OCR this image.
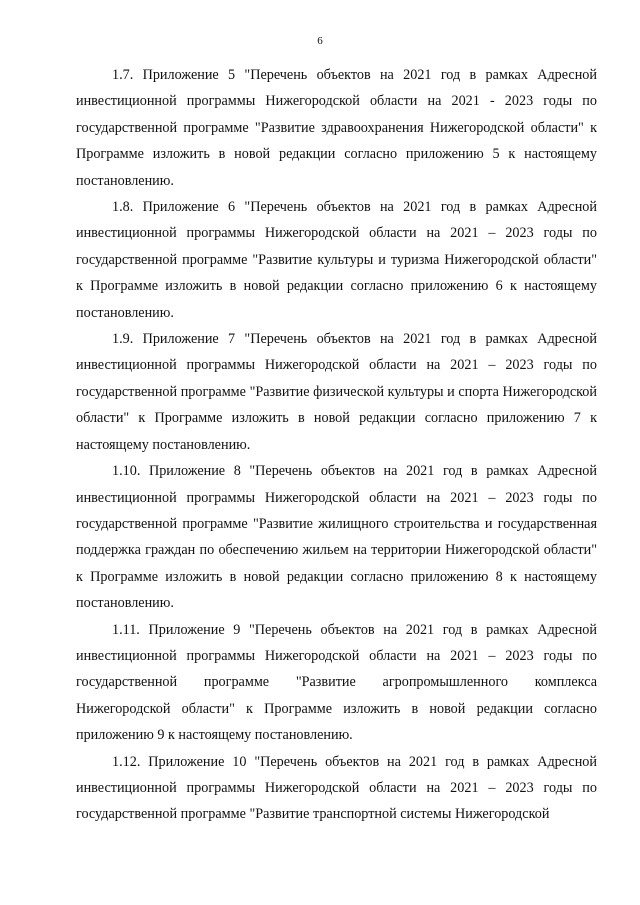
6

1.7. Приложение 5 "Перечень объектов на 2021 год в рамках Адресной инвестиционной программы Нижегородской области на 2021 - 2023 годы по государственной программе "Развитие здравоохранения Нижегородской области" к Программе изложить в новой редакции согласно приложению 5 к настоящему постановлению.

1.8. Приложение 6 "Перечень объектов на 2021 год в рамках Адресной инвестиционной программы Нижегородской области на 2021 – 2023 годы по государственной программе "Развитие культуры и туризма Нижегородской области" к Программе изложить в новой редакции согласно приложению 6 к настоящему постановлению.

1.9. Приложение 7 "Перечень объектов на 2021 год в рамках Адресной инвестиционной программы Нижегородской области на 2021 – 2023 годы по государственной программе "Развитие физической культуры и спорта Нижегородской области" к Программе изложить в новой редакции согласно приложению 7 к настоящему постановлению.

1.10. Приложение 8 "Перечень объектов на 2021 год в рамках Адресной инвестиционной программы Нижегородской области на 2021 – 2023 годы по государственной программе "Развитие жилищного строительства и государственная поддержка граждан по обеспечению жильем на территории Нижегородской области" к Программе изложить в новой редакции согласно приложению 8 к настоящему постановлению.

1.11. Приложение 9 "Перечень объектов на 2021 год в рамках Адресной инвестиционной программы Нижегородской области на 2021 – 2023 годы по государственной программе "Развитие агропромышленного комплекса Нижегородской области" к Программе изложить в новой редакции согласно приложению 9 к настоящему постановлению.

1.12. Приложение 10 "Перечень объектов на 2021 год в рамках Адресной инвестиционной программы Нижегородской области на 2021 – 2023 годы по государственной программе "Развитие транспортной системы Нижегородской
